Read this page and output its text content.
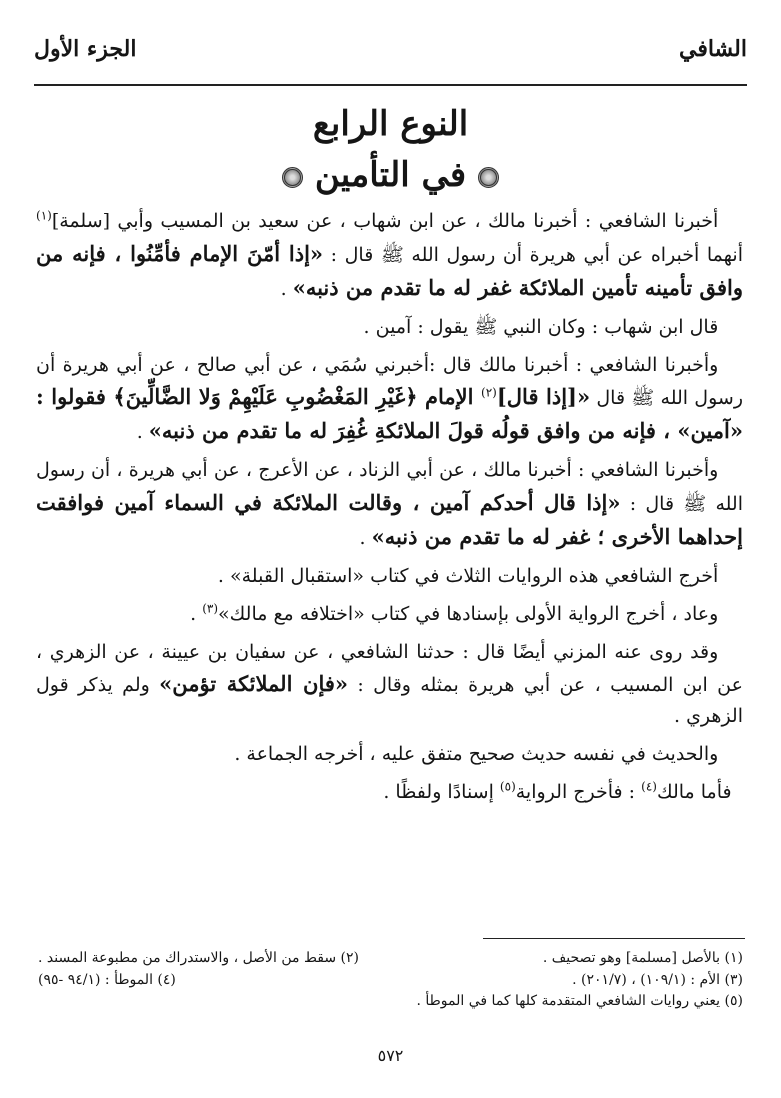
الشافي
الجزء الأول
النوع الرابع
في التأمين

أخبرنا الشافعي : أخبرنا مالك ، عن ابن شهاب ، عن سعيد بن المسيب وأبي [سلمة]$^{(١)}$ أنهما أخبراه عن أبي هريرة أن رسول الله ﷺ قال : «إذا أمّنَ الإمام فأمِّنُوا ، فإنه من وافق تأمينه تأمين الملائكة غفر له ما تقدم من ذنبه» .

قال ابن شهاب : وكان النبي ﷺ يقول : آمين .

وأخبرنا الشافعي : أخبرنا مالك قال :أخبرني سُمَي ، عن أبي صالح ، عن أبي هريرة أن رسول الله ﷺ قال «[إذا قال]$^{(٢)}$ الإمام ﴿غَيْرِ المَغْضُوبِ عَلَيْهِمْ وَلا الضَّالِّينَ﴾ فقولوا : «آمين» ، فإنه من وافق قولُه قولَ الملائكةِ غُفِرَ له ما تقدم من ذنبه» .

وأخبرنا الشافعي : أخبرنا مالك ، عن أبي الزناد ، عن الأعرج ، عن أبي هريرة ، أن رسول الله ﷺ قال : «إذا قال أحدكم آمين ، وقالت الملائكة في السماء آمين فوافقت إحداهما الأخرى ؛ غفر له ما تقدم من ذنبه» .

أخرج الشافعي هذه الروايات الثلاث في كتاب «استقبال القبلة» .

وعاد ، أخرج الرواية الأولى بإسنادها في كتاب «اختلافه مع مالك»$^{(٣)}$ .

وقد روى عنه المزني أيضًا قال : حدثنا الشافعي ، عن سفيان بن عيينة ، عن الزهري ، عن ابن المسيب ، عن أبي هريرة بمثله وقال : «فإن الملائكة تؤمن» ولم يذكر قول الزهري .

والحديث في نفسه حديث صحيح متفق عليه ، أخرجه الجماعة .

فأما مالك$^{(٤)}$ : فأخرج الرواية$^{(٥)}$ إسنادًا ولفظًا .

(١) بالأصل [مسلمة] وهو تصحيف .
(٢) سقط من الأصل ، والاستدراك من مطبوعة المسند .
(٣) الأم : (١٠٩/١) ، (٢٠١/٧) .
(٤) الموطأ : (٩٤/١ -٩٥)
(٥) يعني روايات الشافعي المتقدمة كلها كما في الموطأ .
٥٧٢
